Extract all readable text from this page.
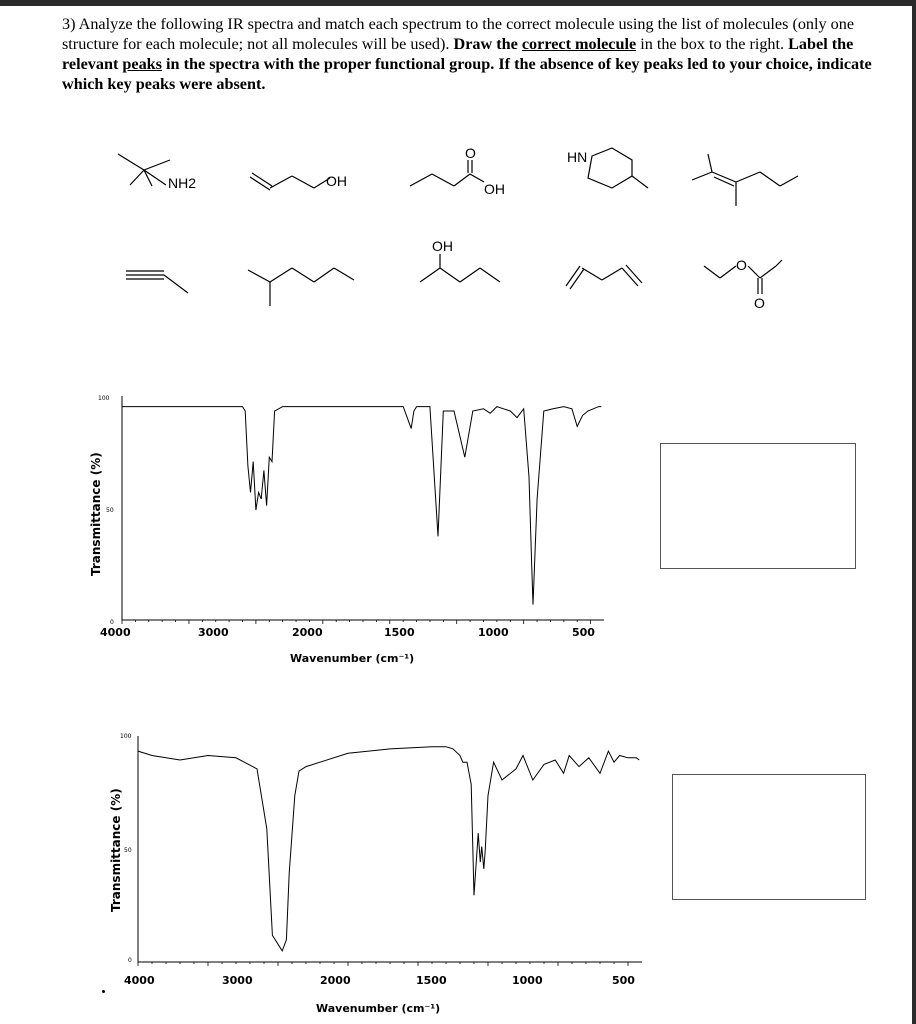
3) Analyze the following IR spectra and match each spectrum to the correct molecule using the list of molecules (only one structure for each molecule; not all molecules will be used). Draw the correct molecule in the box to the right. Label the relevant peaks in the spectra with the proper functional group. If the absence of key peaks led to your choice, indicate which key peaks were absent.
NH2	OH
O
OH
HN
OH
O
O
100
50
0
Transmittance (%)
4000	3000	2000	1500	1000	500
Wavenumber (cm⁻¹)
100
50
0
Transmittance (%)
4000	3000	2000	1500	1000	500
Wavenumber (cm⁻¹)
